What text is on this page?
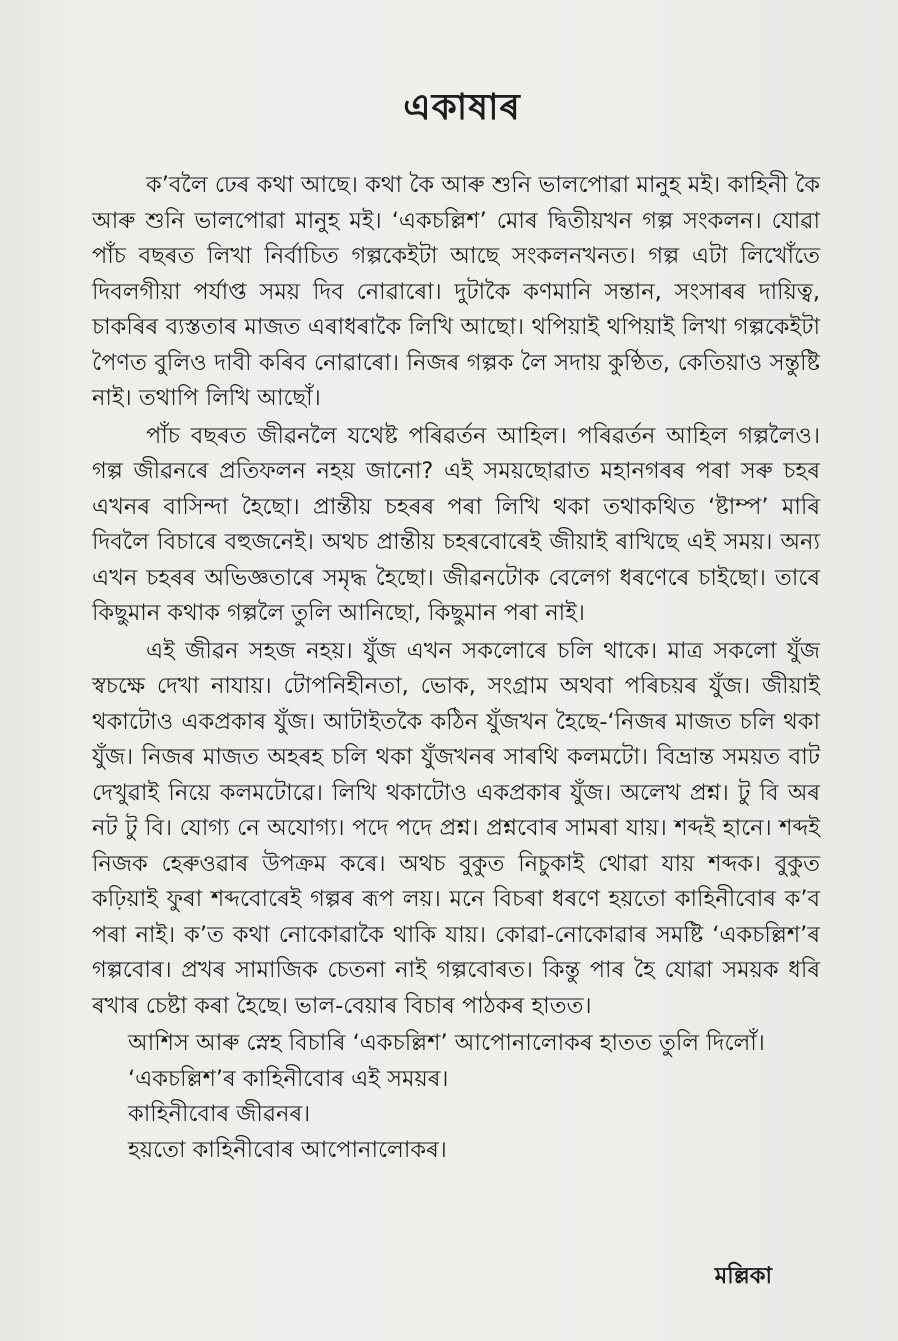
একাষাৰ

ক’বলৈ ঢেৰ কথা আছে। কথা কৈ আৰু শুনি ভালপোৱা মানুহ মই। কাহিনী কৈ আৰু শুনি ভালপোৱা মানুহ মই। ‘একচল্লিশ’ মোৰ দ্বিতীয়খন গল্প সংকলন। যোৱা পাঁচ বছৰত লিখা নিৰ্বাচিত গল্পকেইটা আছে সংকলনখনত। গল্প এটা লিখোঁতে দিবলগীয়া পৰ্যাপ্ত সময় দিব নোৱাৰো। দুটাকৈ কণমানি সন্তান, সংসাৰৰ দায়িত্ব, চাকৰিৰ ব্যস্ততাৰ মাজত এৰাধৰাকৈ লিখি আছো। থপিয়াই থপিয়াই লিখা গল্পকেইটা পৈণত বুলিও দাবী কৰিব নোৱাৰো। নিজৰ গল্পক লৈ সদায় কুণ্ঠিত, কেতিয়াও সন্তুষ্টি নাই। তথাপি লিখি আছোঁ।

পাঁচ বছৰত জীৱনলৈ যথেষ্ট পৰিৱৰ্তন আহিল। পৰিৱৰ্তন আহিল গল্পলৈও। গল্প জীৱনৰে প্ৰতিফলন নহয় জানো? এই সময়ছোৱাত মহানগৰৰ পৰা সৰু চহৰ এখনৰ বাসিন্দা হৈছো। প্ৰান্তীয় চহৰৰ পৰা লিখি থকা তথাকথিত ‘ষ্টাম্প’ মাৰি দিবলৈ বিচাৰে বহুজনেই। অথচ প্ৰান্তীয় চহৰবোৰেই জীয়াই ৰাখিছে এই সময়। অন্য এখন চহৰৰ অভিজ্ঞতাৰে সমৃদ্ধ হৈছো। জীৱনটোক বেলেগ ধৰণেৰে চাইছো। তাৰে কিছুমান কথাক গল্পলৈ তুলি আনিছো, কিছুমান পৰা নাই।

এই জীৱন সহজ নহয়। যুঁজ এখন সকলোৰে চলি থাকে। মাত্ৰ সকলো যুঁজ স্বচক্ষে দেখা নাযায়। টোপনিহীনতা, ভোক, সংগ্ৰাম অথবা পৰিচয়ৰ যুঁজ। জীয়াই থকাটোও একপ্ৰকাৰ যুঁজ। আটাইতকৈ কঠিন যুঁজখন হৈছে-‘নিজৰ মাজত চলি থকা যুঁজ। নিজৰ মাজত অহৰহ চলি থকা যুঁজখনৰ সাৰথি কলমটো। বিভ্ৰান্ত সময়ত বাট দেখুৱাই নিয়ে কলমটোৱে। লিখি থকাটোও একপ্ৰকাৰ যুঁজ। অলেখ প্ৰশ্ন। টু বি অৰ নট টু বি। যোগ্য নে অযোগ্য। পদে পদে প্ৰশ্ন। প্ৰশ্নবোৰ সামৰা যায়। শব্দই হানে। শব্দই নিজক হেৰুওৱাৰ উপক্ৰম কৰে। অথচ বুকুত নিচুকাই থোৱা যায় শব্দক। বুকুত কঢ়িয়াই ফুৰা শব্দবোৰেই গল্পৰ ৰূপ লয়। মনে বিচৰা ধৰণে হয়তো কাহিনীবোৰ ক’ব পৰা নাই। ক’ত কথা নোকোৱাকৈ থাকি যায়। কোৱা-নোকোৱাৰ সমষ্টি ‘একচল্লিশ’ৰ গল্পবোৰ। প্ৰখৰ সামাজিক চেতনা নাই গল্পবোৰত। কিন্তু পাৰ হৈ যোৱা সময়ক ধৰি ৰখাৰ চেষ্টা কৰা হৈছে। ভাল-বেয়াৰ বিচাৰ পাঠকৰ হাতত।

আশিস আৰু স্নেহ বিচাৰি ‘একচল্লিশ’ আপোনালোকৰ হাতত তুলি দিলোঁ।
‘একচল্লিশ’ৰ কাহিনীবোৰ এই সময়ৰ।
কাহিনীবোৰ জীৱনৰ।
হয়তো কাহিনীবোৰ আপোনালোকৰ।
মল্লিকা
